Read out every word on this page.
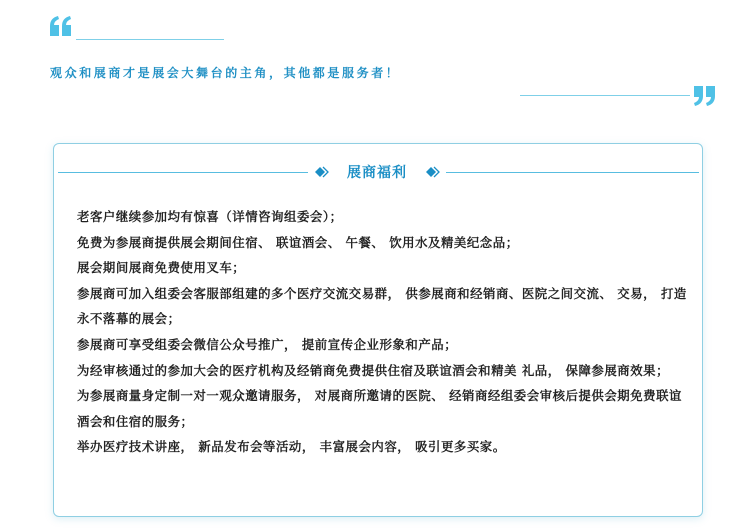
观众和展商才是展会大舞台的主角，其他都是服务者！

展商福利
老客户继续参加均有惊喜（详情咨询组委会）；
免费为参展商提供展会期间住宿、 联谊酒会、 午餐、 饮用水及精美纪念品；
展会期间展商免费使用叉车；
参展商可加入组委会客服部组建的多个医疗交流交易群， 供参展商和经销商、医院之间交流、 交易， 打造永不落幕的展会；
参展商可享受组委会微信公众号推广， 提前宣传企业形象和产品；
为经审核通过的参加大会的医疗机构及经销商免费提供住宿及联谊酒会和精美 礼品， 保障参展商效果；
为参展商量身定制一对一观众邀请服务， 对展商所邀请的医院、 经销商经组委会审核后提供会期免费联谊酒会和住宿的服务；
举办医疗技术讲座， 新品发布会等活动， 丰富展会内容， 吸引更多买家。
